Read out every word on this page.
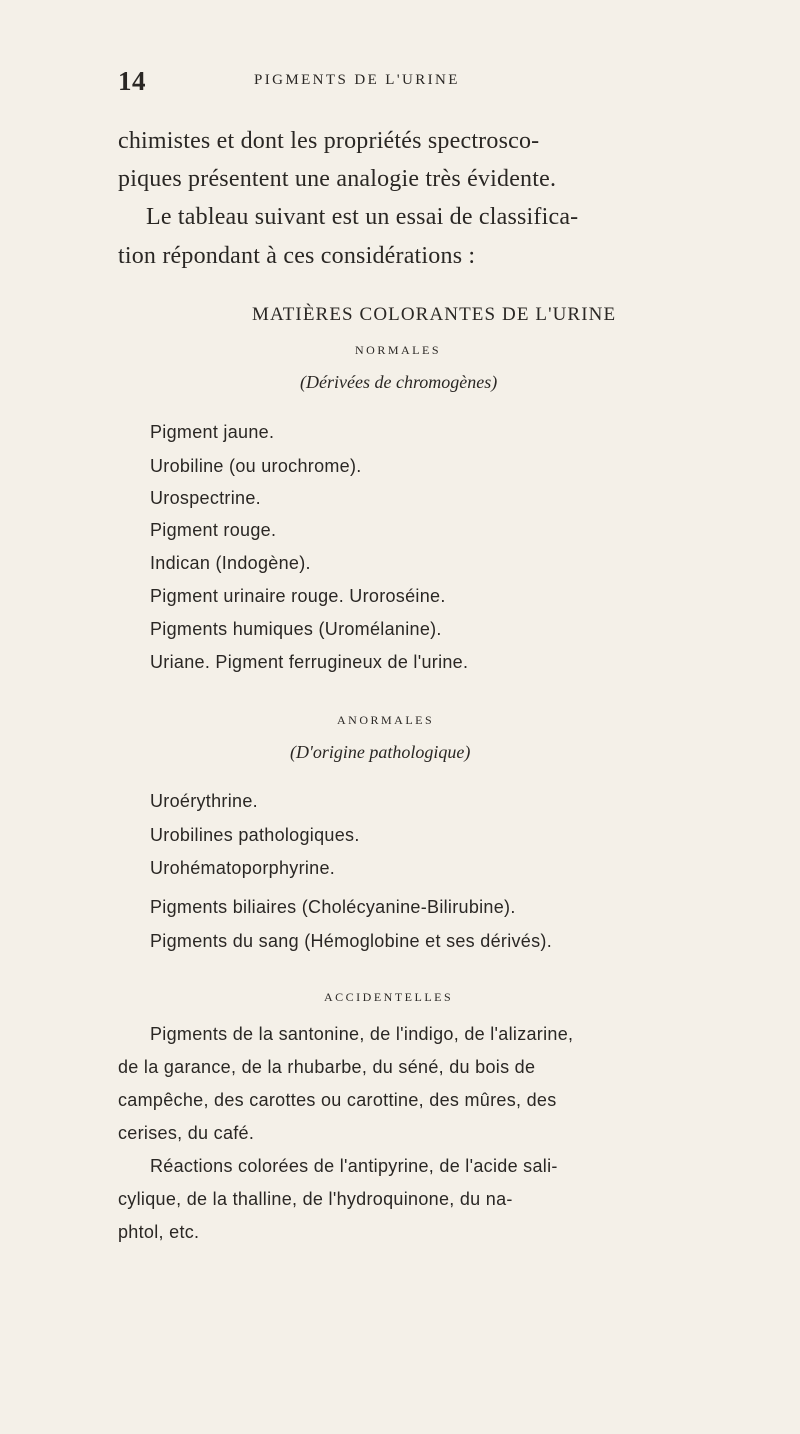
14	PIGMENTS DE L'URINE
chimistes et dont les propriétés spectrosco-
piques présentent une analogie très évidente.
Le tableau suivant est un essai de classifica-
tion répondant à ces considérations :
MATIÈRES COLORANTES DE L'URINE
NORMALES
(Dérivées de chromogènes)
Pigment jaune.
Urobiline (ou urochrome).
Urospectrine.
Pigment rouge.
Indican (Indogène).
Pigment urinaire rouge. Uroroséine.
Pigments humiques (Uromélanine).
Uriane. Pigment ferrugineux de l'urine.
ANORMALES
(D'origine pathologique)
Uroérythrine.
Urobilines pathologiques.
Urohématoporphyrine.
Pigments biliaires (Cholécyanine-Bilirubine).
Pigments du sang (Hémoglobine et ses dérivés).
ACCIDENTELLES
Pigments de la santonine, de l'indigo, de l'alizarine,
de la garance, de la rhubarbe, du séné, du bois de
campêche, des carottes ou carottine, des mûres, des
cerises, du café.
Réactions colorées de l'antipyrine, de l'acide sali-
cylique, de la thalline, de l'hydroquinone, du na-
phtol, etc.
